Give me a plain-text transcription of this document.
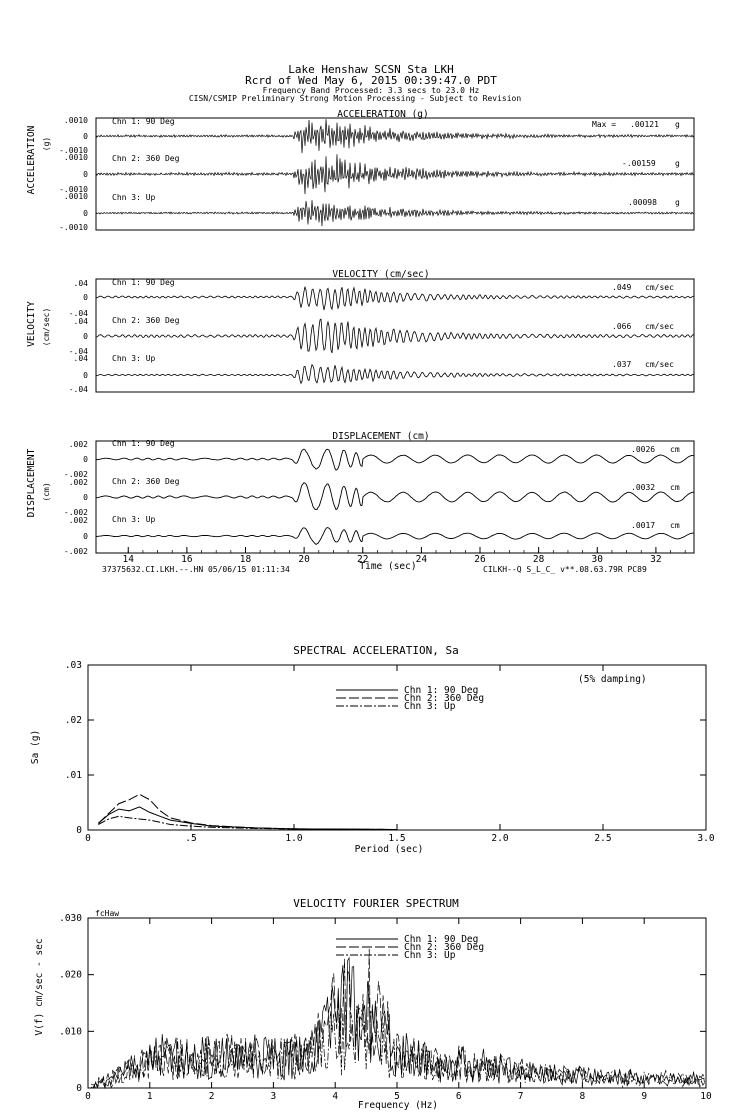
Lake Henshaw SCSN Sta LKH
Rcrd of Wed May 6, 2015 00:39:47.0 PDT
Frequency Band Processed: 3.3 secs to 23.0 Hz
CISN/CSMIP Preliminary Strong Motion Processing - Subject to Revision
ACCELERATION (g)
ACCELERATION (g)
Chn 1: 90 Deg	Max = .00121 g
.0010
0
Chn 2: 360 Deg
-.00159 g
-.0010
.0010
0
Chn 3: Up
.00098 g
-.0010
.0010
0
-.0010
VELOCITY (cm/sec)
VELOCITY (cm/sec)
Chn 1: 90 Deg
.049 cm/sec
.04
0
Chn 2: 360 Deg
.066 cm/sec
-.04
.04
0
Chn 3: Up
.037 cm/sec
-.04
.04
0
-.04
DISPLACEMENT (cm)
DISPLACEMENT (cm)
Chn 1: 90 Deg
.0026 cm
.002
0
Chn 2: 360 Deg
.0032 cm
-.002
.002
0
Chn 3: Up
.0017 cm
-.002
.002
0
-.002
14	16	18	20	22	24	26	28	30	32
Time (sec)
37375632.CI.LKH.--.HN 05/06/15 01:11:34	CILKH--Q S_L_C_ v**.08.63.79R PC89
SPECTRAL ACCELERATION, Sa
(5% damping)
Sa (g)
Period (sec)
0	.5	1.0	1.5	2.0	2.5	3.0
0
.01
.02
.03
Chn 1: 90 Deg
Chn 2: 360 Deg
Chn 3: Up
VELOCITY FOURIER SPECTRUM
fcHaw
V(f) cm/sec - sec
Frequency (Hz)
0	1	2	3	4	5	6	7	8	9	10
0
.010
.020
.030
Chn 1: 90 Deg
Chn 2: 360 Deg
Chn 3: Up
